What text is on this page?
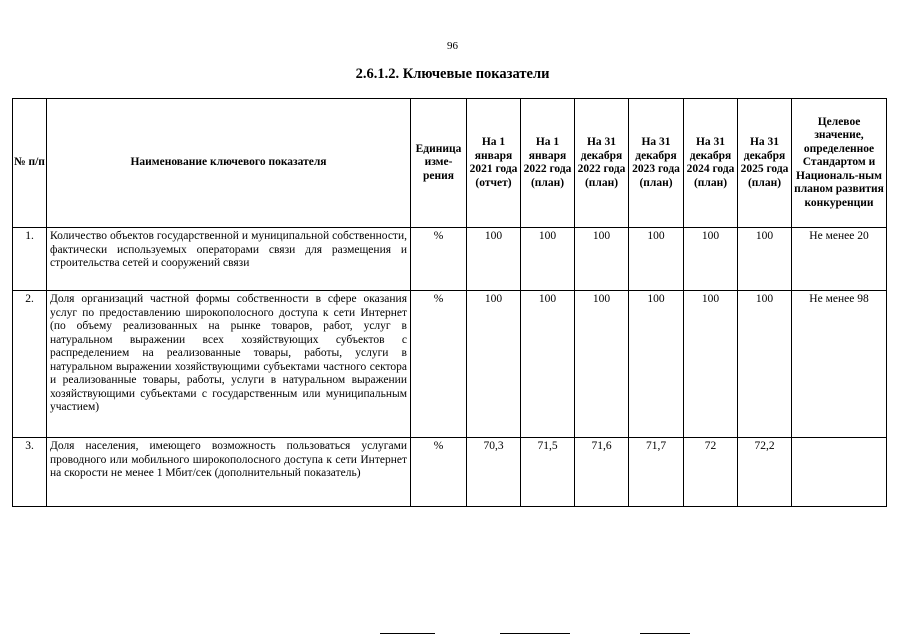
96
2.6.1.2. Ключевые показатели
№ п/п	Наименование ключевого показателя	Единица изме-рения	На 1 января 2021 года (отчет)	На 1 января 2022 года (план)	На 31 декабря 2022 года (план)	На 31 декабря 2023 года (план)	На 31 декабря 2024 года (план)	На 31 декабря 2025 года (план)	Целевое значение, определенное Стандартом и Националь-ным планом развития конкуренции
1.	Количество объектов государственной и муниципальной собственности, фактически используемых операторами связи для размещения и строительства сетей и сооружений связи	%	100	100	100	100	100	100	Не менее 20
2.	Доля организаций частной формы собственности в сфере оказания услуг по предоставлению широкополосного доступа к сети Интернет (по объему реализованных на рынке товаров, работ, услуг в натуральном выражении всех хозяйствующих субъектов с распределением на реализованные товары, работы, услуги в натуральном выражении хозяйствующими субъектами частного сектора и реализованные товары, работы, услуги в натуральном выражении хозяйствующими субъектами с государственным или муниципальным участием)	%	100	100	100	100	100	100	Не менее 98
3.	Доля населения, имеющего возможность пользоваться услугами проводного или мобильного широкополосного доступа к сети Интернет на скорости не менее 1 Мбит/сек (дополнительный показатель)	%	70,3	71,5	71,6	71,7	72	72,2	
